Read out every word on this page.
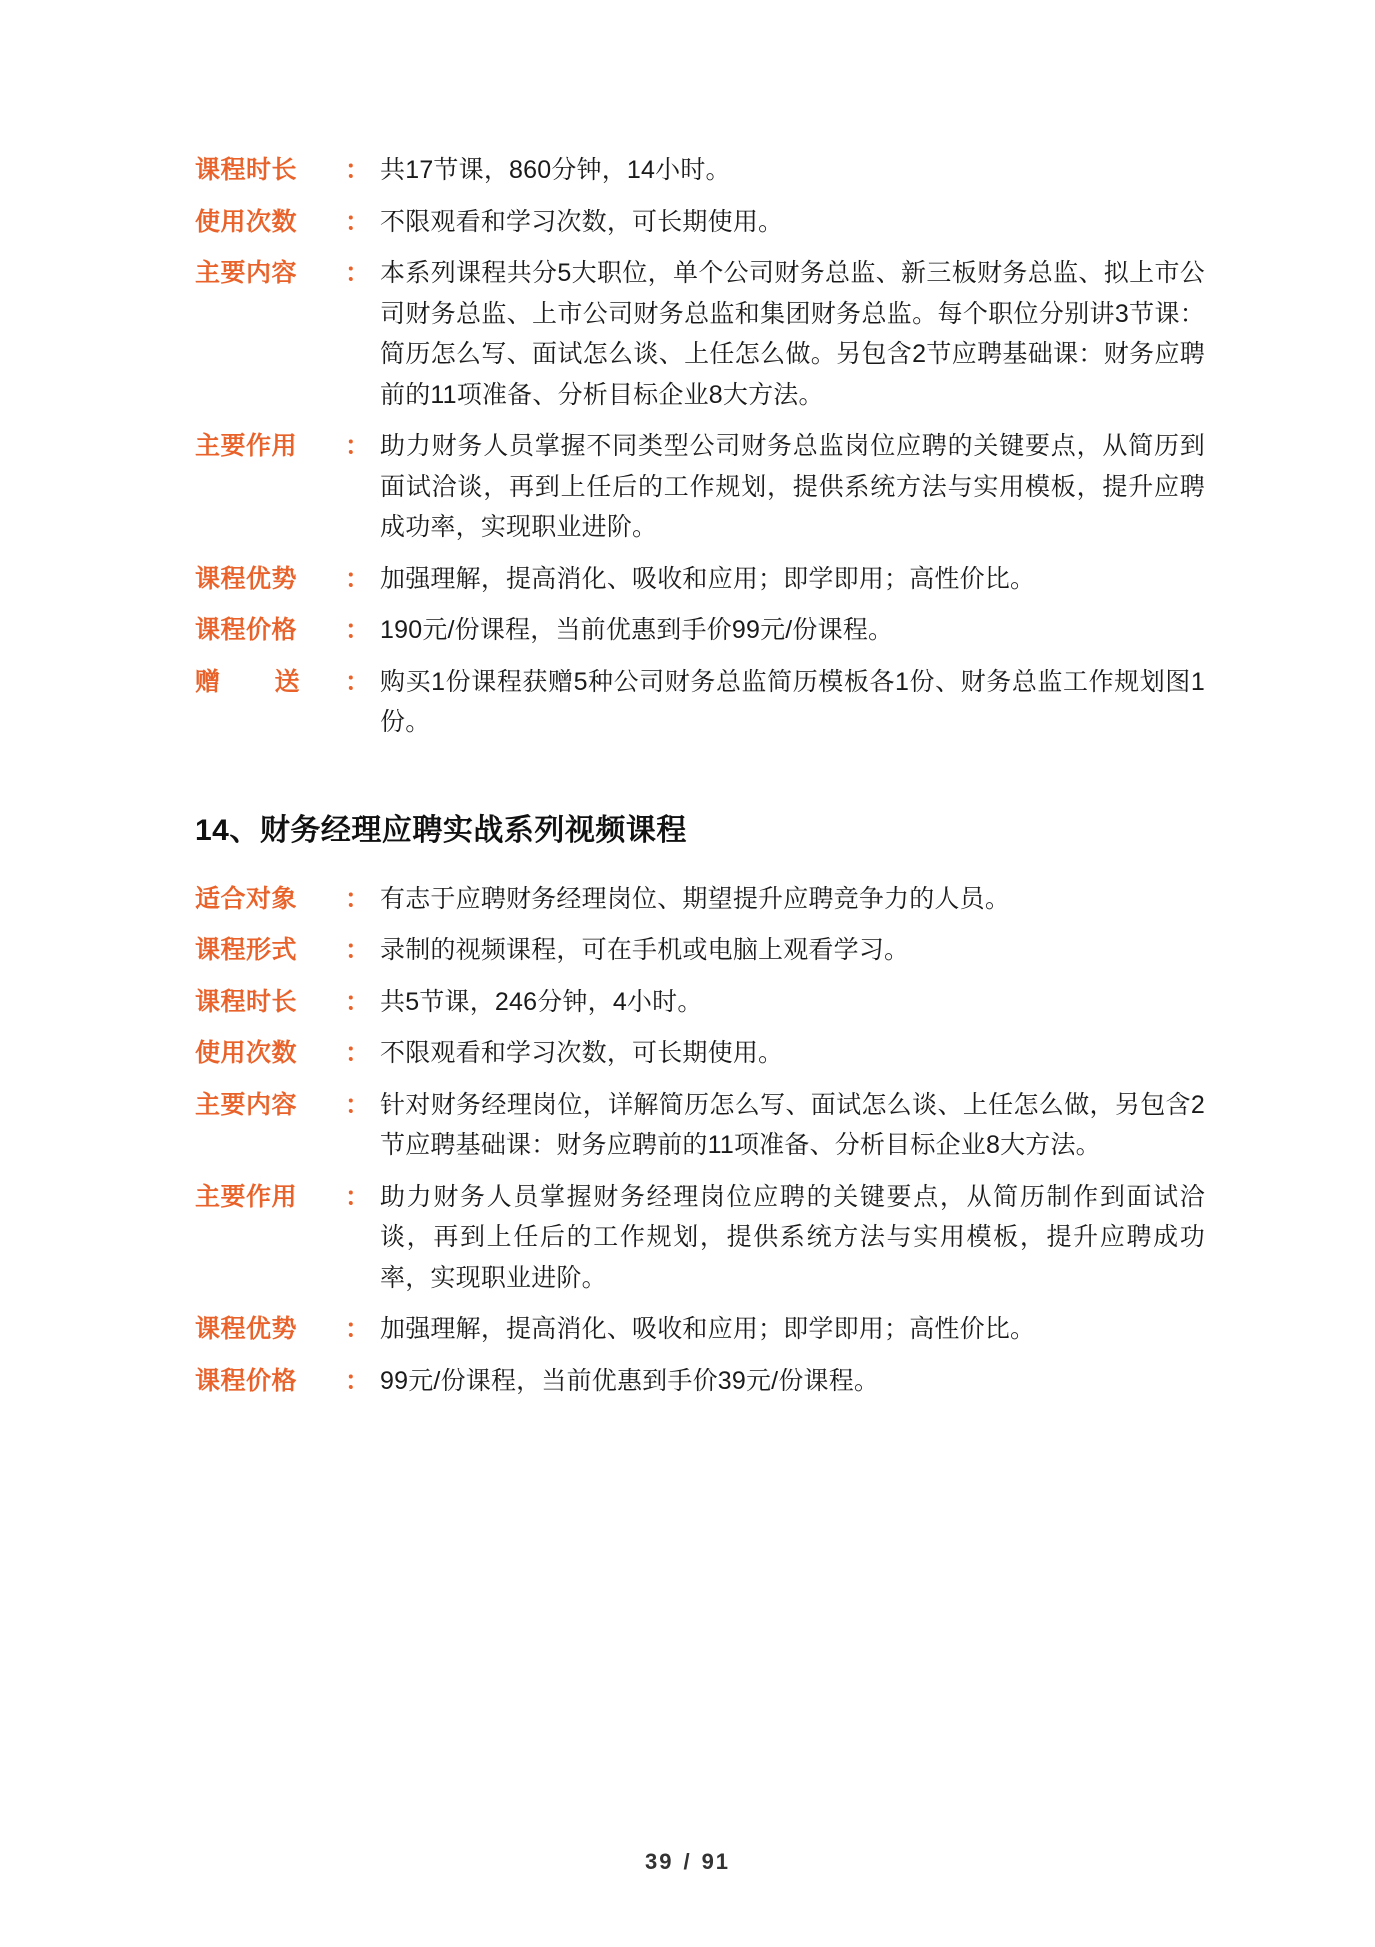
课程时长	： 共17节课，860分钟，14小时。
使用次数	： 不限观看和学习次数，可长期使用。
主要内容	： 本系列课程共分5大职位，单个公司财务总监、新三板财务总监、拟上市公司财务总监、上市公司财务总监和集团财务总监。每个职位分别讲3节课：简历怎么写、面试怎么谈、上任怎么做。另包含2节应聘基础课：财务应聘前的11项准备、分析目标企业8大方法。
主要作用	： 助力财务人员掌握不同类型公司财务总监岗位应聘的关键要点，从简历到面试洽谈，再到上任后的工作规划，提供系统方法与实用模板，提升应聘成功率，实现职业进阶。
课程优势	： 加强理解，提高消化、吸收和应用；即学即用；高性价比。
课程价格	： 190元/份课程，当前优惠到手价99元/份课程。
赠 送	： 购买1份课程获赠5种公司财务总监简历模板各1份、财务总监工作规划图1份。
14、财务经理应聘实战系列视频课程
适合对象	： 有志于应聘财务经理岗位、期望提升应聘竞争力的人员。
课程形式	： 录制的视频课程，可在手机或电脑上观看学习。
课程时长	： 共5节课，246分钟，4小时。
使用次数	： 不限观看和学习次数，可长期使用。
主要内容	： 针对财务经理岗位，详解简历怎么写、面试怎么谈、上任怎么做，另包含2节应聘基础课：财务应聘前的11项准备、分析目标企业8大方法。
主要作用	： 助力财务人员掌握财务经理岗位应聘的关键要点，从简历制作到面试洽谈，再到上任后的工作规划，提供系统方法与实用模板，提升应聘成功率，实现职业进阶。
课程优势	： 加强理解，提高消化、吸收和应用；即学即用；高性价比。
课程价格	： 99元/份课程，当前优惠到手价39元/份课程。
39 / 91
